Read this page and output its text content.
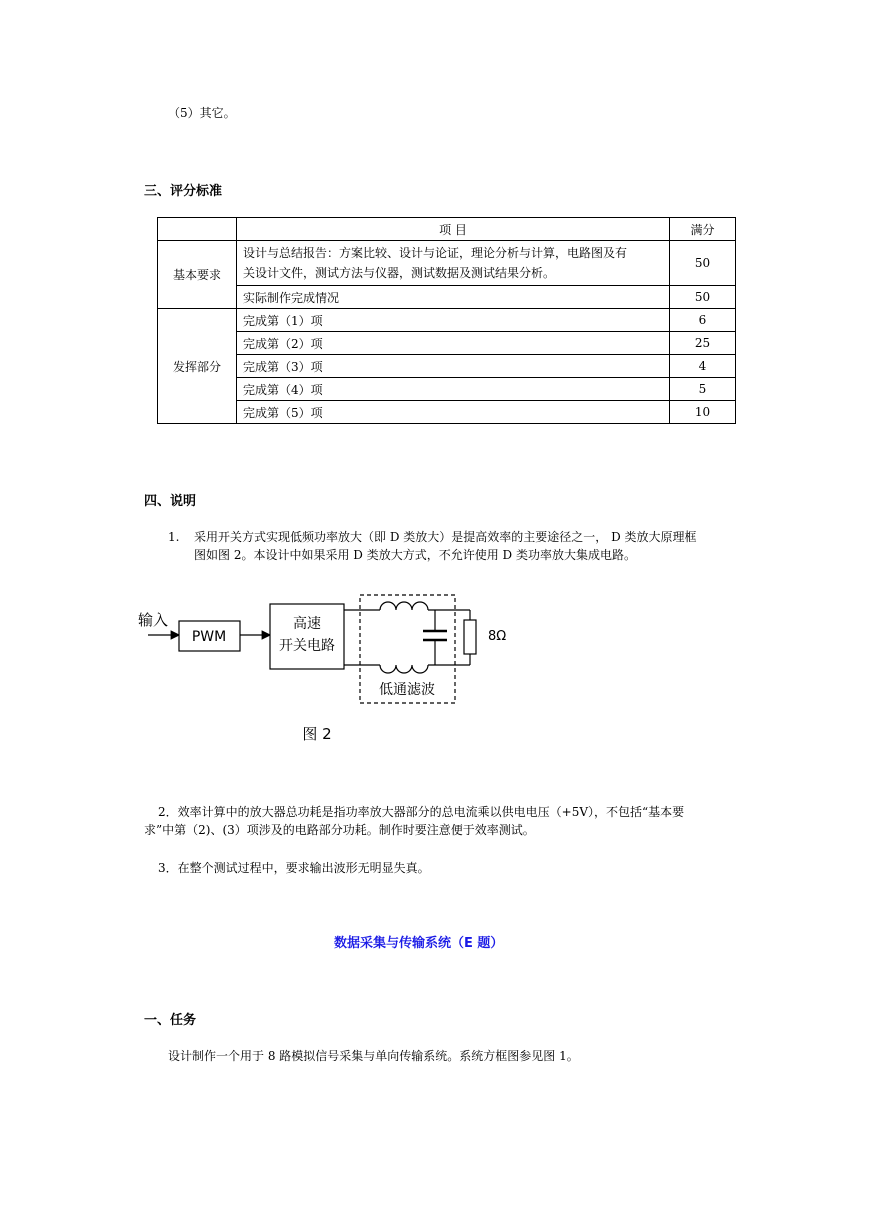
（5）其它。
三、评分标准
	项 目	满分
基本要求	设计与总结报告：方案比较、设计与论证，理论分析与计算，电路图及有
关设计文件，测试方法与仪器，测试数据及测试结果分析。	50
	实际制作完成情况	50
发挥部分	完成第（1）项	6
	完成第（2）项	25
	完成第（3）项	4
	完成第（4）项	5
	完成第（5）项	10
四、说明
1. 采用开关方式实现低频功率放大（即 D 类放大）是提高效率的主要途径之一， D 类放大原理框
图如图 2。本设计中如果采用 D 类放大方式，不允许使用 D 类功率放大集成电路。
输入
PWM
高速
开关电路
8Ω
低通滤波
图 2
2．效率计算中的放大器总功耗是指功率放大器部分的总电流乘以供电电压（+5V），不包括“基本要
求”中第（2)、(3）项涉及的电路部分功耗。制作时要注意便于效率测试。
3．在整个测试过程中，要求输出波形无明显失真。
数据采集与传输系统（E 题）
一、任务
设计制作一个用于 8 路模拟信号采集与单向传输系统。系统方框图参见图 1。
